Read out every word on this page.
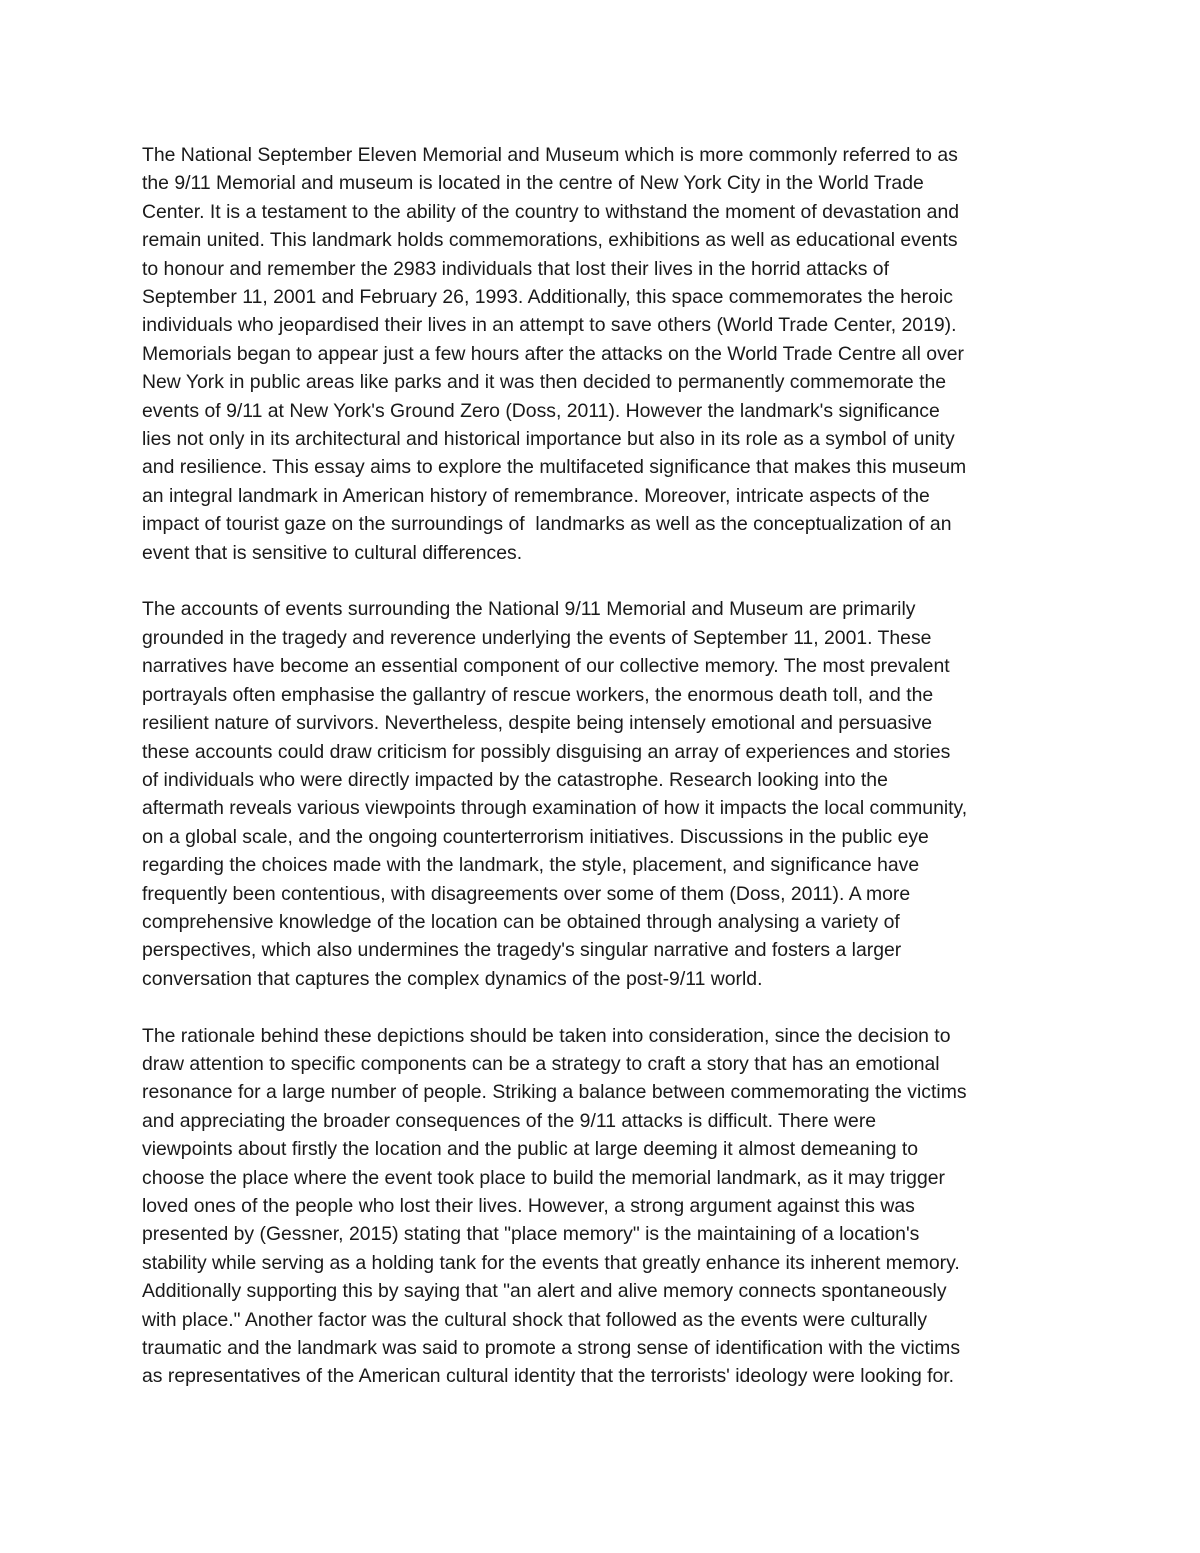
The National September Eleven Memorial and Museum which is more commonly referred to as
the 9/11 Memorial and museum is located in the centre of New York City in the World Trade
Center. It is a testament to the ability of the country to withstand the moment of devastation and
remain united. This landmark holds commemorations, exhibitions as well as educational events
to honour and remember the 2983 individuals that lost their lives in the horrid attacks of
September 11, 2001 and February 26, 1993. Additionally, this space commemorates the heroic
individuals who jeopardised their lives in an attempt to save others (World Trade Center, 2019).
Memorials began to appear just a few hours after the attacks on the World Trade Centre all over
New York in public areas like parks and it was then decided to permanently commemorate the
events of 9/11 at New York's Ground Zero (Doss, 2011). However the landmark's significance
lies not only in its architectural and historical importance but also in its role as a symbol of unity
and resilience. This essay aims to explore the multifaceted significance that makes this museum
an integral landmark in American history of remembrance. Moreover, intricate aspects of the
impact of tourist gaze on the surroundings of  landmarks as well as the conceptualization of an
event that is sensitive to cultural differences.

The accounts of events surrounding the National 9/11 Memorial and Museum are primarily
grounded in the tragedy and reverence underlying the events of September 11, 2001. These
narratives have become an essential component of our collective memory. The most prevalent
portrayals often emphasise the gallantry of rescue workers, the enormous death toll, and the
resilient nature of survivors. Nevertheless, despite being intensely emotional and persuasive
these accounts could draw criticism for possibly disguising an array of experiences and stories
of individuals who were directly impacted by the catastrophe. Research looking into the
aftermath reveals various viewpoints through examination of how it impacts the local community,
on a global scale, and the ongoing counterterrorism initiatives. Discussions in the public eye
regarding the choices made with the landmark, the style, placement, and significance have
frequently been contentious, with disagreements over some of them (Doss, 2011). A more
comprehensive knowledge of the location can be obtained through analysing a variety of
perspectives, which also undermines the tragedy's singular narrative and fosters a larger
conversation that captures the complex dynamics of the post-9/11 world.

The rationale behind these depictions should be taken into consideration, since the decision to
draw attention to specific components can be a strategy to craft a story that has an emotional
resonance for a large number of people. Striking a balance between commemorating the victims
and appreciating the broader consequences of the 9/11 attacks is difficult. There were
viewpoints about firstly the location and the public at large deeming it almost demeaning to
choose the place where the event took place to build the memorial landmark, as it may trigger
loved ones of the people who lost their lives. However, a strong argument against this was
presented by (Gessner, 2015) stating that "place memory" is the maintaining of a location's
stability while serving as a holding tank for the events that greatly enhance its inherent memory.
Additionally supporting this by saying that "an alert and alive memory connects spontaneously
with place." Another factor was the cultural shock that followed as the events were culturally
traumatic and the landmark was said to promote a strong sense of identification with the victims
as representatives of the American cultural identity that the terrorists' ideology were looking for.
